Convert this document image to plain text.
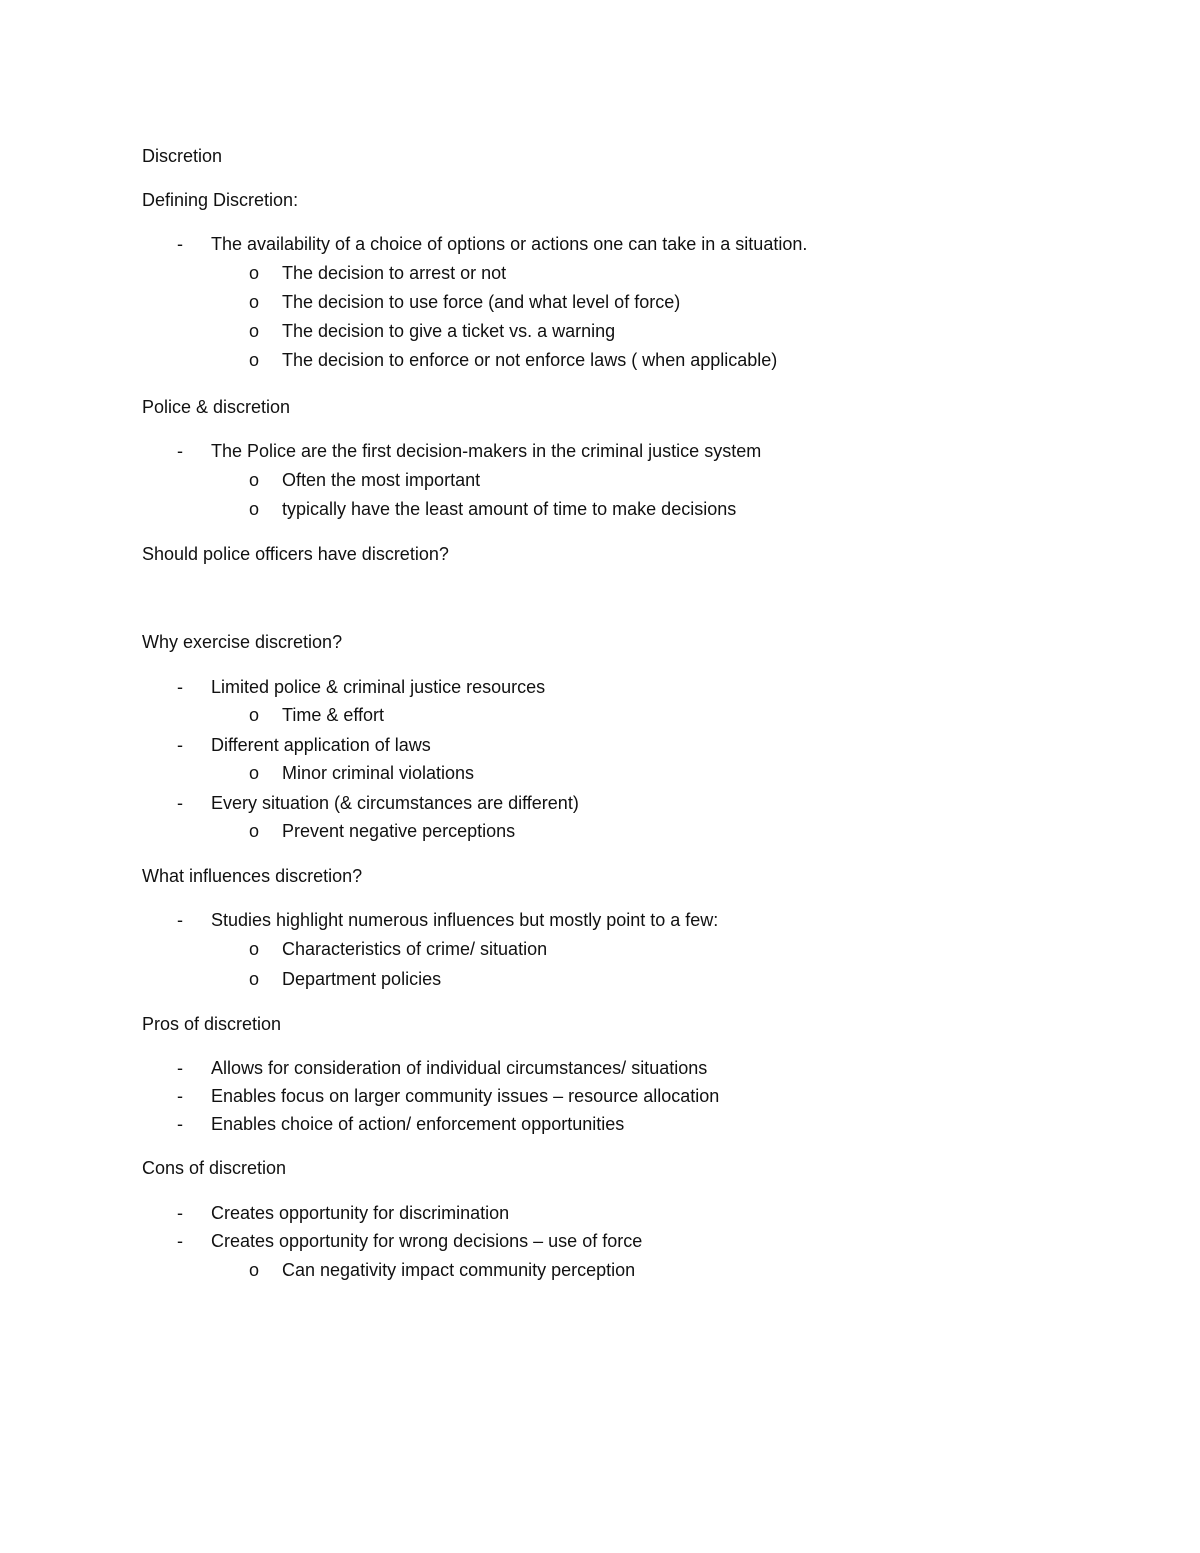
Discretion
Defining Discretion:
- The availability of a choice of options or actions one can take in a situation.
o The decision to arrest or not
o The decision to use force (and what level of force)
o The decision to give a ticket vs. a warning
o The decision to enforce or not enforce laws ( when applicable)
Police & discretion
- The Police are the first decision-makers in the criminal justice system
o Often the most important
o typically have the least amount of time to make decisions
Should police officers have discretion?
Why exercise discretion?
- Limited police & criminal justice resources
o Time & effort
- Different application of laws
o Minor criminal violations
- Every situation (& circumstances are different)
o Prevent negative perceptions
What influences discretion?
- Studies highlight numerous influences but mostly point to a few:
o Characteristics of crime/ situation
o Department policies
Pros of discretion
- Allows for consideration of individual circumstances/ situations
- Enables focus on larger community issues – resource allocation
- Enables choice of action/ enforcement opportunities
Cons of discretion
- Creates opportunity for discrimination
- Creates opportunity for wrong decisions – use of force
o Can negativity impact community perception
